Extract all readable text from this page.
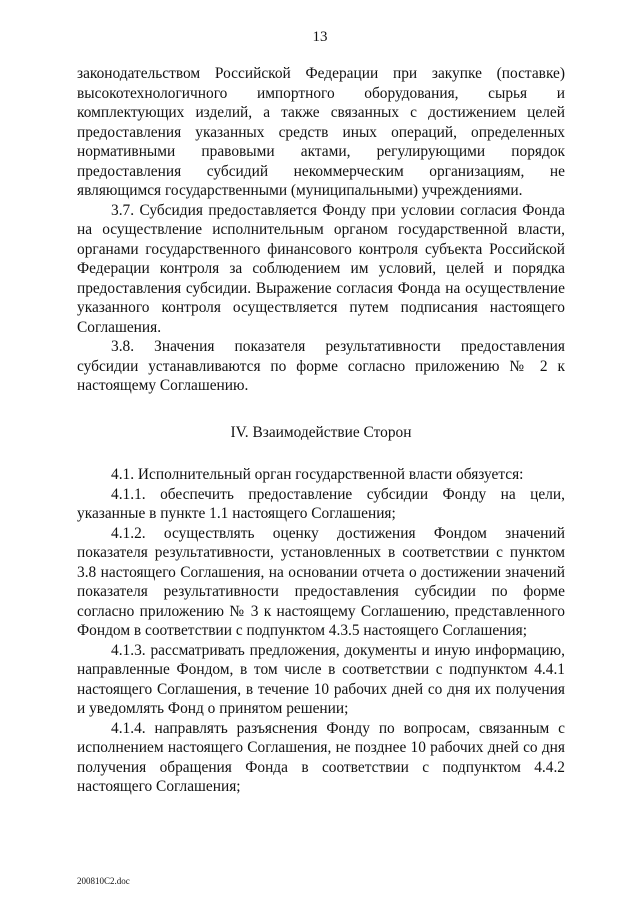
13

законодательством Российской Федерации при закупке (поставке) высокотехнологичного импортного оборудования, сырья и комплектующих изделий, а также связанных с достижением целей предоставления указанных средств иных операций, определенных нормативными правовыми актами, регулирующими порядок предоставления субсидий некоммерческим организациям, не являющимся государственными (муниципальными) учреждениями.

3.7. Субсидия предоставляется Фонду при условии согласия Фонда на осуществление исполнительным органом государственной власти, органами государственного финансового контроля субъекта Российской Федерации контроля за соблюдением им условий, целей и порядка предоставления субсидии. Выражение согласия Фонда на осуществление указанного контроля осуществляется путем подписания настоящего Соглашения.

3.8. Значения показателя результативности предоставления субсидии устанавливаются по форме согласно приложению № 2 к настоящему Соглашению.

IV. Взаимодействие Сторон

4.1. Исполнительный орган государственной власти обязуется:

4.1.1. обеспечить предоставление субсидии Фонду на цели, указанные в пункте 1.1 настоящего Соглашения;

4.1.2. осуществлять оценку достижения Фондом значений показателя результативности, установленных в соответствии с пунктом 3.8 настоящего Соглашения, на основании отчета о достижении значений показателя результативности предоставления субсидии по форме согласно приложению № 3 к настоящему Соглашению, представленного Фондом в соответствии с подпунктом 4.3.5 настоящего Соглашения;

4.1.3. рассматривать предложения, документы и иную информацию, направленные Фондом, в том числе в соответствии с подпунктом 4.4.1 настоящего Соглашения, в течение 10 рабочих дней со дня их получения и уведомлять Фонд о принятом решении;

4.1.4. направлять разъяснения Фонду по вопросам, связанным с исполнением настоящего Соглашения, не позднее 10 рабочих дней со дня получения обращения Фонда в соответствии с подпунктом 4.4.2 настоящего Соглашения;

200810C2.doc
